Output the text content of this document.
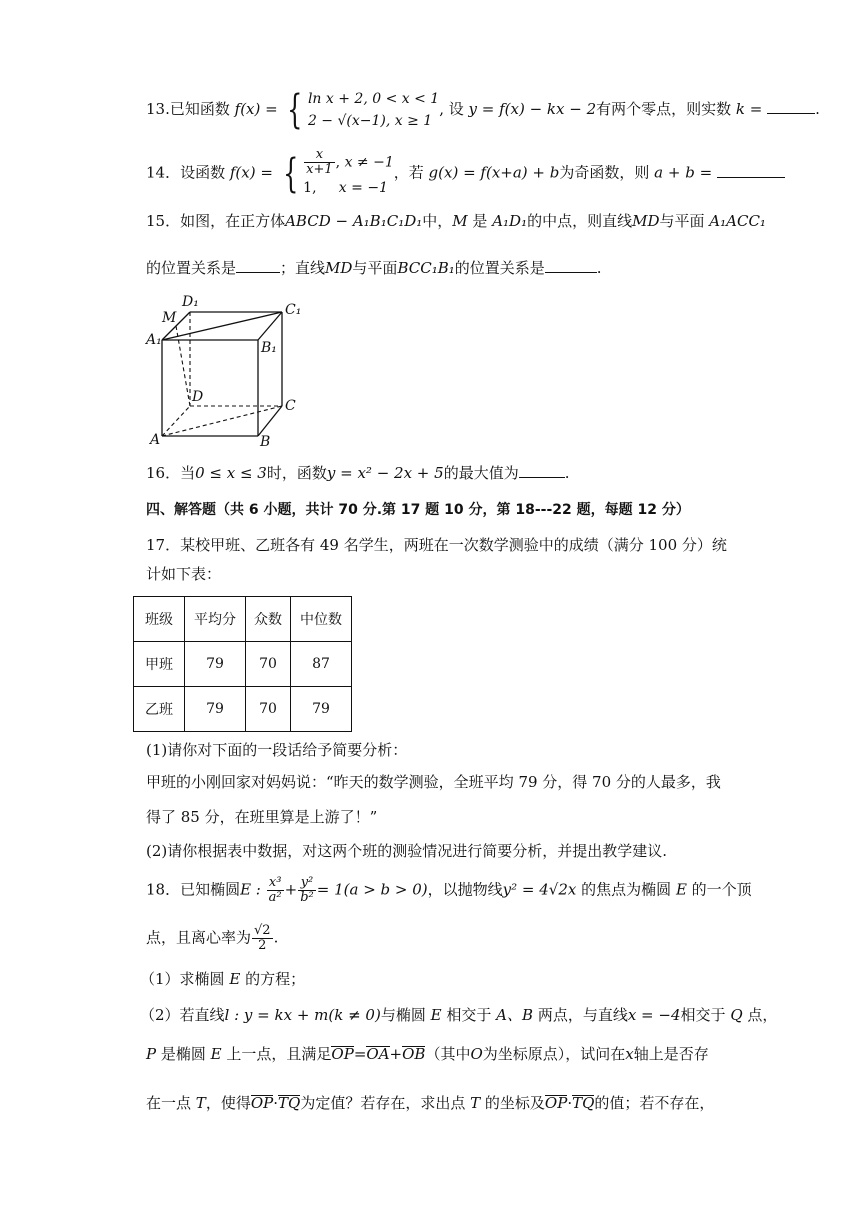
13.已知函数 f(x) = { ln x + 2, 0 < x < 1
2 − √(x−1), x ≥ 1
, 设 y = f(x) − kx − 2有两个零点，则实数 k =	.
14．设函数 f(x) = { $\frac{x}{x+1}$ , x ≠ −1
1, x = −1
，若 g(x) = f(x+a) + b为奇函数，则 a + b =
15．如图，在正方体ABCD − A₁B₁C₁D₁中，M 是 A₁D₁的中点，则直线MD与平面 A₁ACC₁
的位置关系是	；直线MD与平面BCC₁B₁的位置关系是	.
A₁	B₁
C₁
D₁
M
D
C
A	B
16．当0 ≤ x ≤ 3时，函数y = x² − 2x + 5的最大值为	.
四、解答题（共 6 小题，共计 70 分.第 17 题 10 分，第 18---22 题，每题 12 分）
17．某校甲班、乙班各有 49 名学生，两班在一次数学测验中的成绩（满分 100 分）统
计如下表：
班级	平均分	众数	中位数
甲班	79	70	87
乙班	79	70	79
(1)请你对下面的一段话给予简要分析：
甲班的小刚回家对妈妈说：“昨天的数学测验，全班平均 79 分，得 70 分的人最多，我
得了 85 分，在班里算是上游了！”
(2)请你根据表中数据，对这两个班的测验情况进行简要分析，并提出教学建议.
18．已知椭圆E : $\frac{\text{x³}}{\text{a²}} + \frac{\text{y²}}{\text{b²}} = 1(a > b > 0)$，以抛物线y² = 4√2x 的焦点为椭圆 E 的一个顶
点，且离心率为 $\frac{√2}{2}$ .
（1）求椭圆 E 的方程；
（2）若直线l : y = kx + m(k ≠ 0)与椭圆 E 相交于 A、B 两点，与直线x = −4相交于 Q 点，
P 是椭圆 E 上一点，且满足OP=OA+OB（其中O为坐标原点），试问在x轴上是否存
在一点 T，使得OP·TQ为定值？若存在，求出点 T 的坐标及OP·TQ的值；若不存在，
